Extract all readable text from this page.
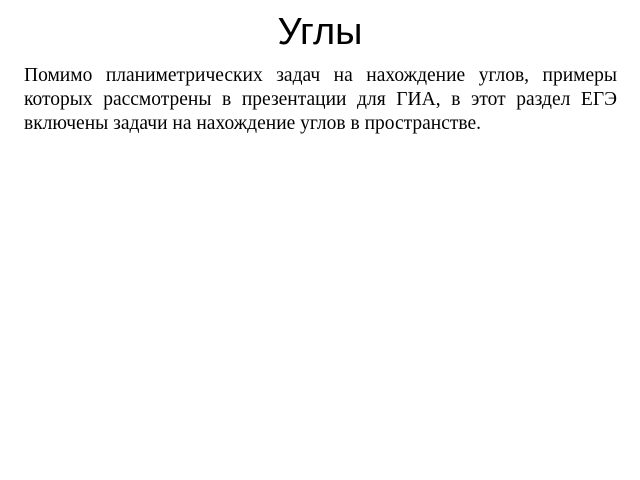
Углы

Помимо планиметрических задач на нахождение углов, примеры которых рассмотрены в презентации для ГИА, в этот раздел ЕГЭ включены задачи на нахождение углов в пространстве.
